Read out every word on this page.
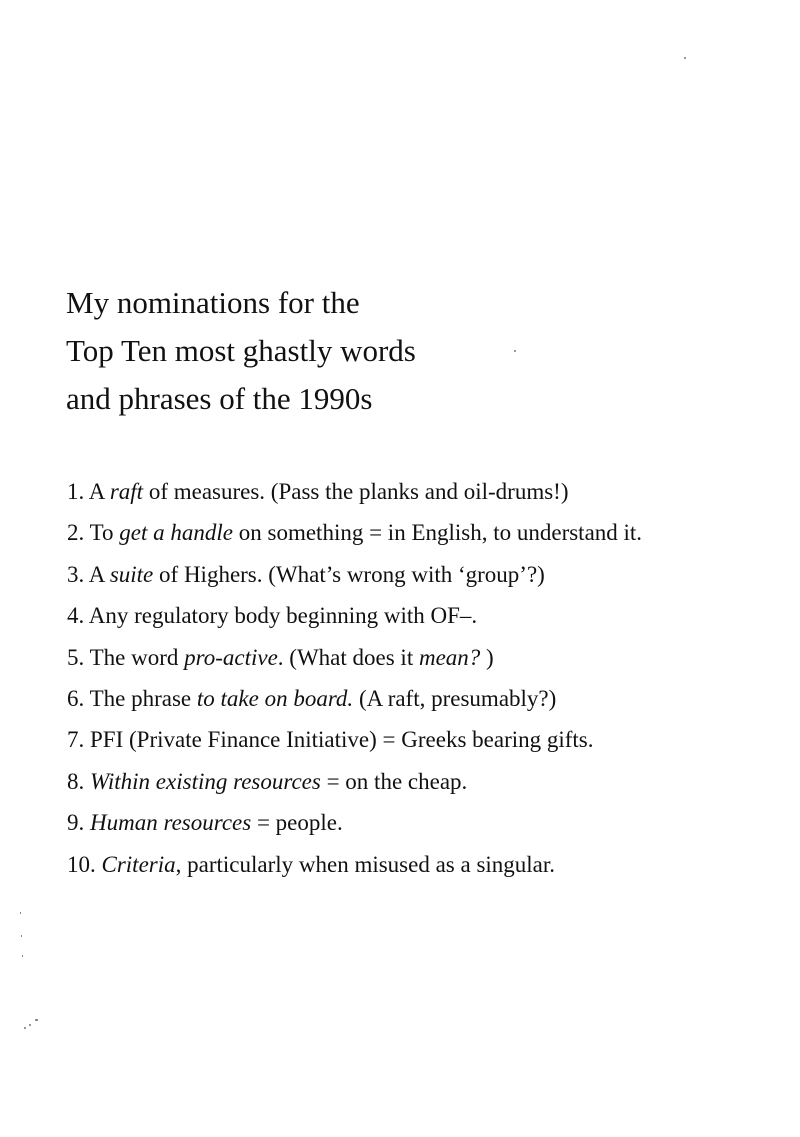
My nominations for the
Top Ten most ghastly words
and phrases of the 1990s
1. A raft of measures. (Pass the planks and oil-drums!)
2. To get a handle on something = in English, to understand it.
3. A suite of Highers. (What’s wrong with ‘group’?)
4. Any regulatory body beginning with OF–.
5. The word pro-active. (What does it mean? )
6. The phrase to take on board. (A raft, presumably?)
7. PFI (Private Finance Initiative) = Greeks bearing gifts.
8. Within existing resources = on the cheap.
9. Human resources = people.
10. Criteria, particularly when misused as a singular.
